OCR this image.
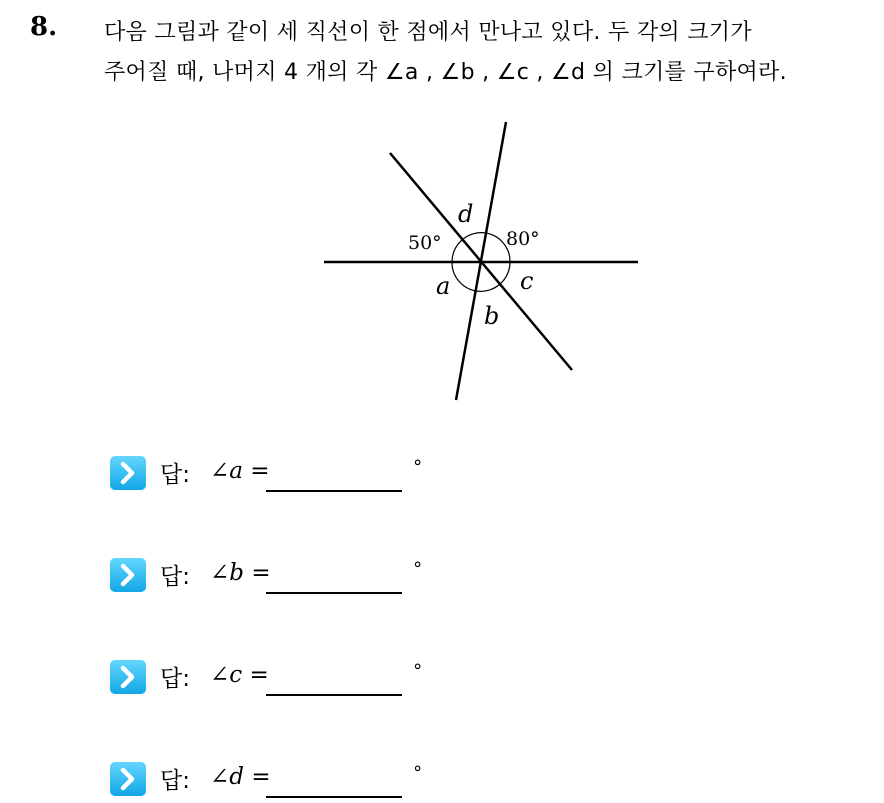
8. 다음 그림과 같이 세 직선이 한 점에서 만나고 있다. 두 각의 크기가
주어질 때, 나머지 4 개의 각 ∠a , ∠b , ∠c , ∠d 의 크기를 구하여라.
d
50°	80°
a	c
b
답: ∠a =	∘
답: ∠b =	∘
답: ∠c =	∘
답: ∠d =	∘
